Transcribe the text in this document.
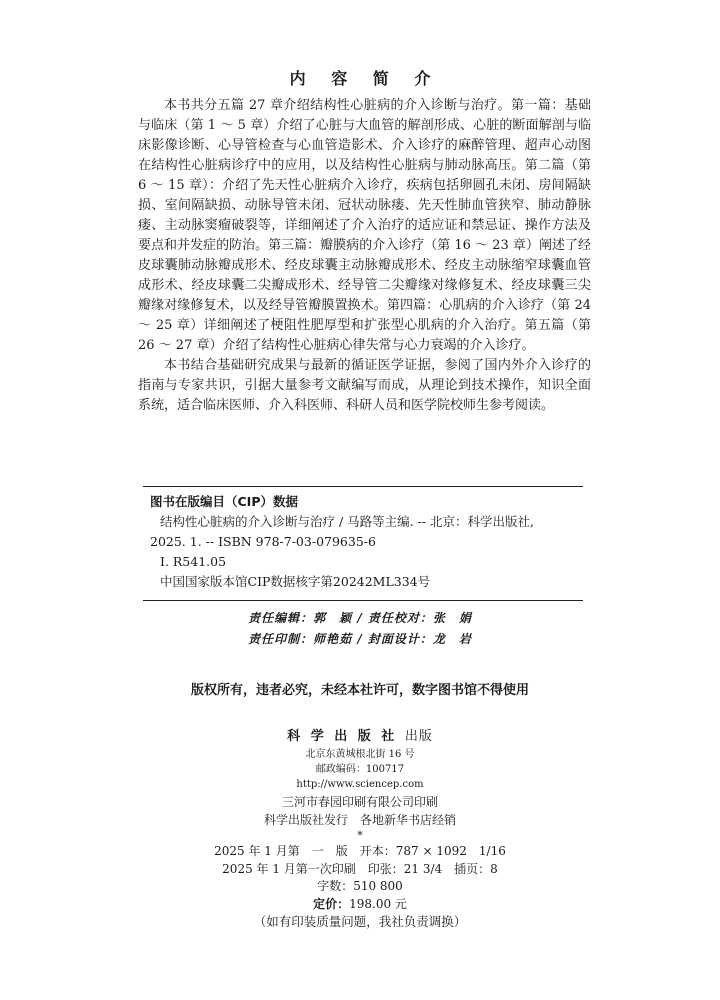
内 容 简 介

本书共分五篇 27 章介绍结构性心脏病的介入诊断与治疗。第一篇：基础与临床（第 1 ～ 5 章）介绍了心脏与大血管的解剖形成、心脏的断面解剖与临床影像诊断、心导管检查与心血管造影术、介入诊疗的麻醉管理、超声心动图在结构性心脏病诊疗中的应用，以及结构性心脏病与肺动脉高压。第二篇（第 6 ～ 15 章）：介绍了先天性心脏病介入诊疗，疾病包括卵圆孔未闭、房间隔缺损、室间隔缺损、动脉导管未闭、冠状动脉瘘、先天性肺血管狭窄、肺动静脉瘘、主动脉窦瘤破裂等，详细阐述了介入治疗的适应证和禁忌证、操作方法及要点和并发症的防治。第三篇：瓣膜病的介入诊疗（第 16 ～ 23 章）阐述了经皮球囊肺动脉瓣成形术、经皮球囊主动脉瓣成形术、经皮主动脉缩窄球囊血管成形术、经皮球囊二尖瓣成形术、经导管二尖瓣缘对缘修复术、经皮球囊三尖瓣缘对缘修复术，以及经导管瓣膜置换术。第四篇：心肌病的介入诊疗（第 24 ～ 25 章）详细阐述了梗阻性肥厚型和扩张型心肌病的介入治疗。第五篇（第 26 ～ 27 章）介绍了结构性心脏病心律失常与心力衰竭的介入诊疗。

本书结合基础研究成果与最新的循证医学证据，参阅了国内外介入诊疗的指南与专家共识，引据大量参考文献编写而成，从理论到技术操作，知识全面系统，适合临床医师、介入科医师、科研人员和医学院校师生参考阅读。

图书在版编目（CIP）数据
结构性心脏病的介入诊断与治疗 / 马路等主编. -- 北京：科学出版社,
2025. 1. -- ISBN 978-7-03-079635-6
Ⅰ. R541.05
中国国家版本馆CIP数据核字第20242ML334号
责任编辑：郭　颖 / 责任校对：张　娟
责任印制：师艳茹 / 封面设计：龙　岩
版权所有，违者必究，未经本社许可，数字图书馆不得使用
科 学 出 版 社 出版
北京东黄城根北街 16 号
邮政编码：100717
http://www.sciencep.com
三河市春园印刷有限公司印刷
科学出版社发行　各地新华书店经销
*
2025 年 1 月第　一　版　开本：787 × 1092　1/16
2025 年 1 月第一次印刷　印张：21 3/4　插页：8
字数：510 800
定价：198.00 元
（如有印装质量问题，我社负责调换）
